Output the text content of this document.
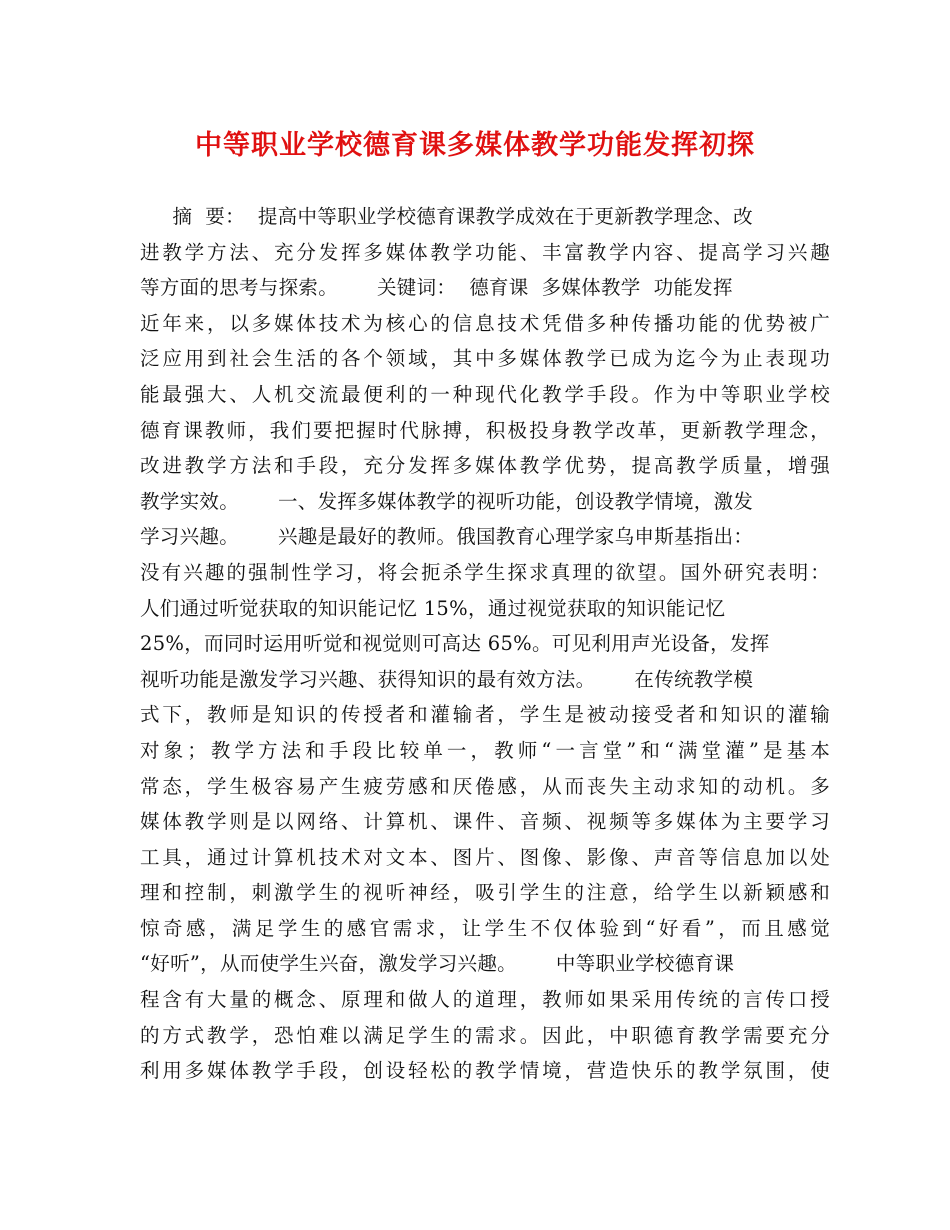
中等职业学校德育课多媒体教学功能发挥初探
摘  要：  提高中等职业学校德育课教学成效在于更新教学理念、改
进教学方法、充分发挥多媒体教学功能、丰富教学内容、提高学习兴趣
等方面的思考与探索。      关键词：  德育课  多媒体教学  功能发挥
近年来，以多媒体技术为核心的信息技术凭借多种传播功能的优势被广
泛应用到社会生活的各个领域，其中多媒体教学已成为迄今为止表现功
能最强大、人机交流最便利的一种现代化教学手段。作为中等职业学校
德育课教师，我们要把握时代脉搏，积极投身教学改革，更新教学理念，
改进教学方法和手段，充分发挥多媒体教学优势，提高教学质量，增强
教学实效。      一、发挥多媒体教学的视听功能，创设教学情境，激发
学习兴趣。      兴趣是最好的教师。俄国教育心理学家乌申斯基指出：
没有兴趣的强制性学习，将会扼杀学生探求真理的欲望。国外研究表明：
人们通过听觉获取的知识能记忆 15%，通过视觉获取的知识能记忆
25%，而同时运用听觉和视觉则可高达 65%。可见利用声光设备，发挥
视听功能是激发学习兴趣、获得知识的最有效方法。      在传统教学模
式下，教师是知识的传授者和灌输者，学生是被动接受者和知识的灌输
对象；教学方法和手段比较单一，教师“一言堂”和“满堂灌”是基本
常态，学生极容易产生疲劳感和厌倦感，从而丧失主动求知的动机。多
媒体教学则是以网络、计算机、课件、音频、视频等多媒体为主要学习
工具，通过计算机技术对文本、图片、图像、影像、声音等信息加以处
理和控制，刺激学生的视听神经，吸引学生的注意，给学生以新颖感和
惊奇感，满足学生的感官需求，让学生不仅体验到“好看”，而且感觉
“好听”，从而使学生兴奋，激发学习兴趣。      中等职业学校德育课
程含有大量的概念、原理和做人的道理，教师如果采用传统的言传口授
的方式教学，恐怕难以满足学生的需求。因此，中职德育教学需要充分
利用多媒体教学手段，创设轻松的教学情境，营造快乐的教学氛围，使
